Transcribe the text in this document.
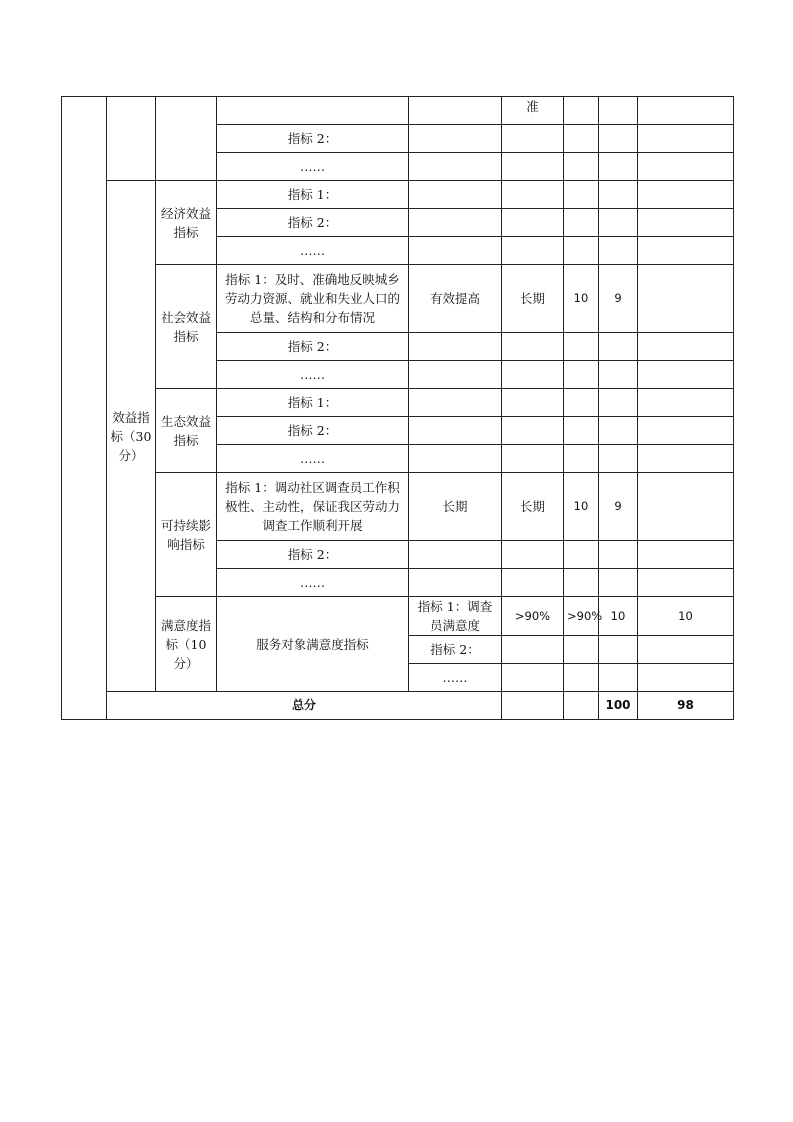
					准				
			指标 2：						
			……						
	效益指标（30分）	经济效益指标	指标 1：						
			指标 2：						
			……						
		社会效益指标	指标 1：及时、准确地反映城乡劳动力资源、就业和失业人口的总量、结构和分布情况	有效提高	长期	10	9		
			指标 2：						
			……						
		生态效益指标	指标 1：						
			指标 2：						
			……						
		可持续影响指标	指标 1：调动社区调查员工作积极性、主动性，保证我区劳动力调查工作顺利开展	长期	长期	10	9		
			指标 2：						
			……						
		满意度指标（10分）	服务对象满意度指标	指标 1：调查员满意度	>90%	>90%	10	10	
				指标 2：					
				……					
	总分						100	98	
